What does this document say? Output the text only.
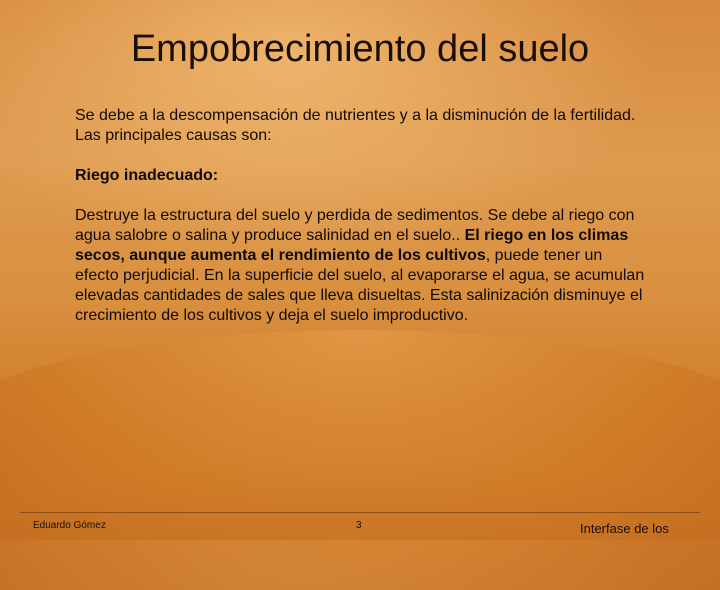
Empobrecimiento del suelo

Se debe a la descompensación de nutrientes y a la disminución de la fertilidad.
Las principales causas son:

Riego inadecuado:

Destruye la estructura del suelo y perdida de sedimentos. Se debe al riego con agua salobre o salina y produce salinidad en el suelo.. El riego en los climas secos, aunque aumenta el rendimiento de los cultivos, puede tener un efecto perjudicial. En la superficie del suelo, al evaporarse el agua, se acumulan elevadas cantidades de sales que lleva disueltas. Esta salinización disminuye el crecimiento de los cultivos y deja el suelo improductivo.

Eduardo Gómez	3	Interfase de los
